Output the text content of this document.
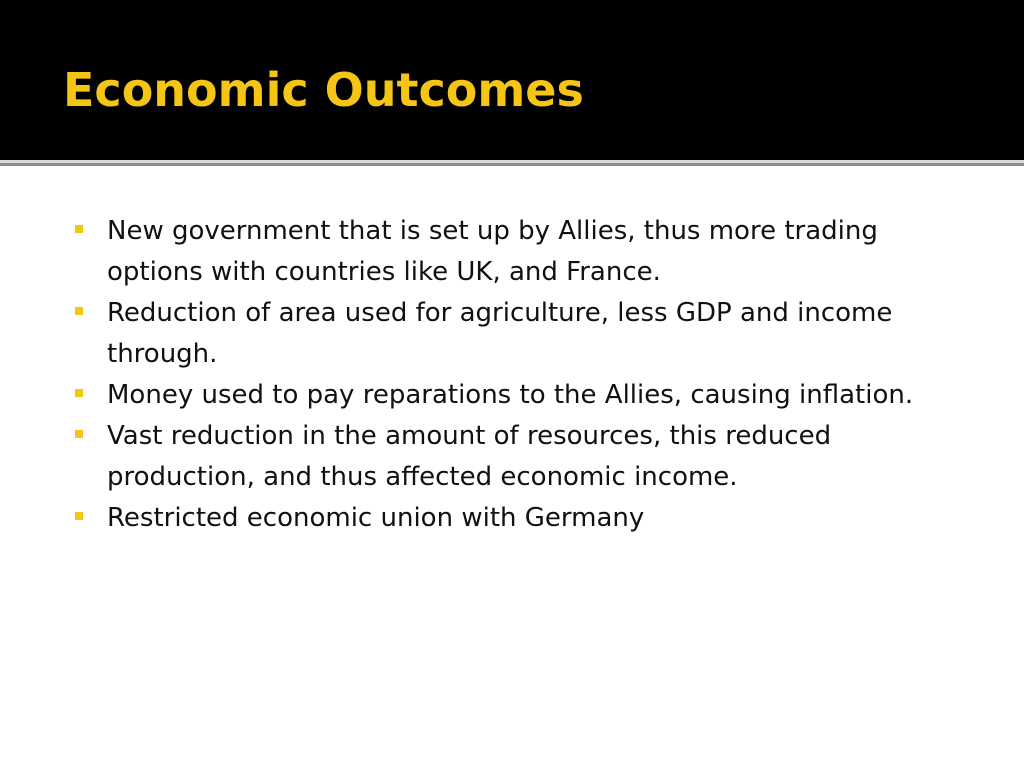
Economic Outcomes
New government that is set up by Allies, thus more trading options with countries like UK, and France.
Reduction of area used for agriculture, less GDP and income through.
Money used to pay reparations to the Allies, causing inflation.
Vast reduction in the amount of resources, this reduced production, and thus affected economic income.
Restricted economic union with Germany
